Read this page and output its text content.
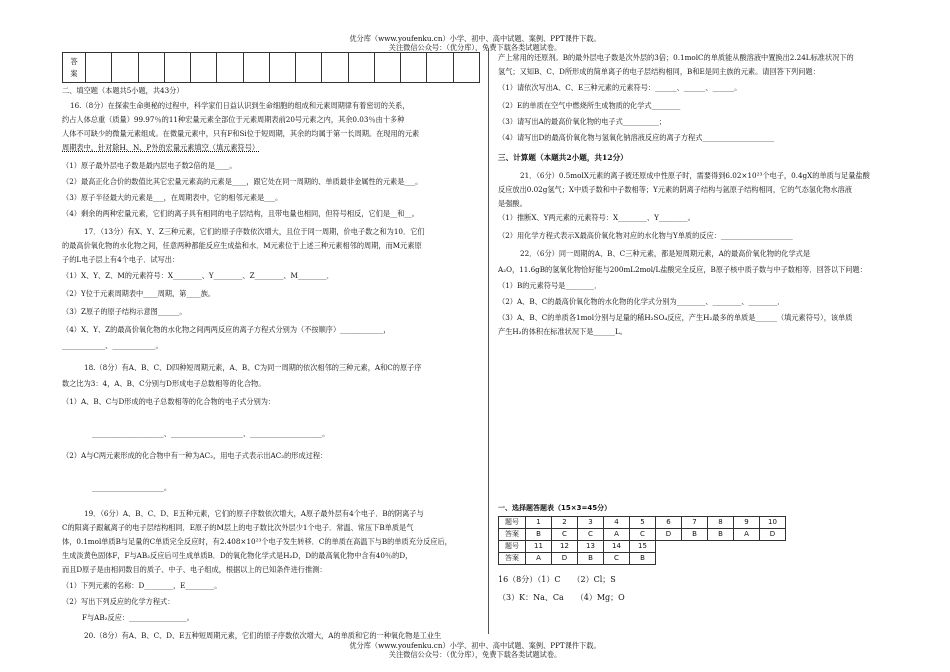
优分库（www.youfenku.cn）小学、初中、高中试题、案例、PPT课件下载。
关注微信公众号：（优分库），免费下载各类试题试卷。
优分库（www.youfenku.cn）小学、初中、高中试题、案例、PPT课件下载。
关注微信公众号：（优分库），免费下载各类试题试卷。
答
案															

二、填空题（本题共5小题，共43分）

16.（8分）在探索生命奥秘的过程中，科学家们日益认识到生命细胞的组成和元素周期律有着密切的关系，

约占人体总重（质量）99.97％的11种宏量元素全部位于元素周期表前20号元素之内，其余0.03％由十多种

人体不可缺少的微量元素组成。在微量元素中，只有F和Si位于短周期，其余的均属于第一长周期。在现用的元素

周期表中，针对除H、N、P外的宏量元素填空（填元素符号）

（1）原子最外层电子数是最内层电子数2倍的是____。

（2）最高正化合价的数值比其它宏量元素高的元素是____，跟它处在同一周期的、单质最非金属性的元素是___。

（3）原子半径最大的元素是___，在周期表中，它的相邻元素是___。

（4）剩余的两种宏量元素，它们的离子具有相同的电子层结构，且带电量也相同，但符号相反，它们是__和__。

17．（13分）有X、Y、Z三种元素，它们的原子序数依次增大，且位于同一周期，价电子数之和为10．它们

的最高价氧化物的水化物之间，任意两种都能反应生成盐和水．M元素位于上述三种元素相邻的周期，而M元素原

子的L电子层上有4个电子．试写出：

（1）X、Y、Z、M的元素符号：X________、Y________、Z________、M________．

（2）Y位于元素周期表中____周期，第____族。

（3）Z原子的原子结构示意图______。

（4）X、Y、Z的最高价氧化物的水化物之间两两反应的离子方程式分别为（不按顺序）____________，

____________、____________。

18.（8分）有A、B、C、D四种短周期元素，A、B、C为同一周期的依次相邻的三种元素，A和C的原子序

数之比为3：4，A、B、C分别与D形成电子总数相等的化合物。

（1）A、B、C与D形成的电子总数相等的化合物的电子式分别为：

____________________、____________________、____________________。

（2）A与C两元素形成的化合物中有一种为AC₂，用电子式表示出AC₂的形成过程：

____________________。

19．（6分）A、B、C、D、E五种元素，它们的原子序数依次增大，A原子最外层有4个电子．B的阴离子与

C的阳离子跟氟离子的电子层结构相同．E原子的M层上的电子数比次外层少1个电子．常温、常压下B单质是气

体，0.1mol单质B与足量的C单质完全反应时，有2.408×10²³个电子发生转移．C的单质在高温下与B的单质充分反应后，

生成淡黄色固体F，F与AB₂反应后可生成单质B．D的氧化物化学式是H₂D，D的最高氧化物中含有40％的D，

而且D原子是由相同数目的质子、中子、电子组成，根据以上的已知条件进行推测：

（1）下列元素的名称：D________，E________。

（2）写出下列反应的化学方程式：

F与AB₂反应：________________。

20.（8分）有A、B、C、D、E五种短周期元素，它们的原子序数依次增大，A的单质和它的一种氧化物是工业生

产上常用的还原剂。B的最外层电子数是次外层的3倍；0.1molC的单质能从酸溶液中置换出2.24L标准状况下的

氢气；又知B、C、D所形成的简单离子的电子层结构相同，B和E是同主族的元素。请回答下列问题：

（1）请依次写出A、C、E三种元素的元素符号：______、______、______。

（2）E的单质在空气中燃烧所生成物质的化学式________

（3）请写出A的最高价氧化物的电子式__________；

（4）请写出D的最高价氧化物与氢氧化钠溶液反应的离子方程式____________________

三、计算题（本题共2小题，共12分）

21．（6分）0.5molX元素的离子被还原成中性原子时，需要得到6.02×10²³个电子，0.4gX的单质与足量盐酸

反应放出0.02g氢气；X中质子数和中子数相等；Y元素的阴离子结构与氩原子结构相同，它的气态氢化物水溶液

是强酸。

（1）推断X、Y两元素的元素符号：X________、Y________。

（2）用化学方程式表示X最高价氧化物对应的水化物与Y单质的反应：____________________

22．（6分）同一周期的A、B、C三种元素，都是短周期元素，A的最高价氧化物的化学式是

A₂O，11.6gB的氢氧化物恰好能与200mL2mol/L盐酸完全反应，B原子核中质子数与中子数相等．回答以下问题：

（1）B的元素符号是________．

（2）A、B、C的最高价氧化物的水化物的化学式分别为________、________、________．

（3）A、B、C的单质各1mol分别与足量的稀H₂SO₄反应，产生H₂最多的单质是______（填元素符号），该单质

产生H₂的体积在标准状况下是______L。

一、选择题答题表（15×3=45分）

题号	1	2	3	4	5	6	7	8	9	10
答案	B	C	C	A	C	D	B	B	A	D
题号	11	12	13	14	15					
答案	A	D	B	C	B					

16（8分）（1）C　　（2）Cl；S

（3）K：Na、Ca　　（4）Mg；O
